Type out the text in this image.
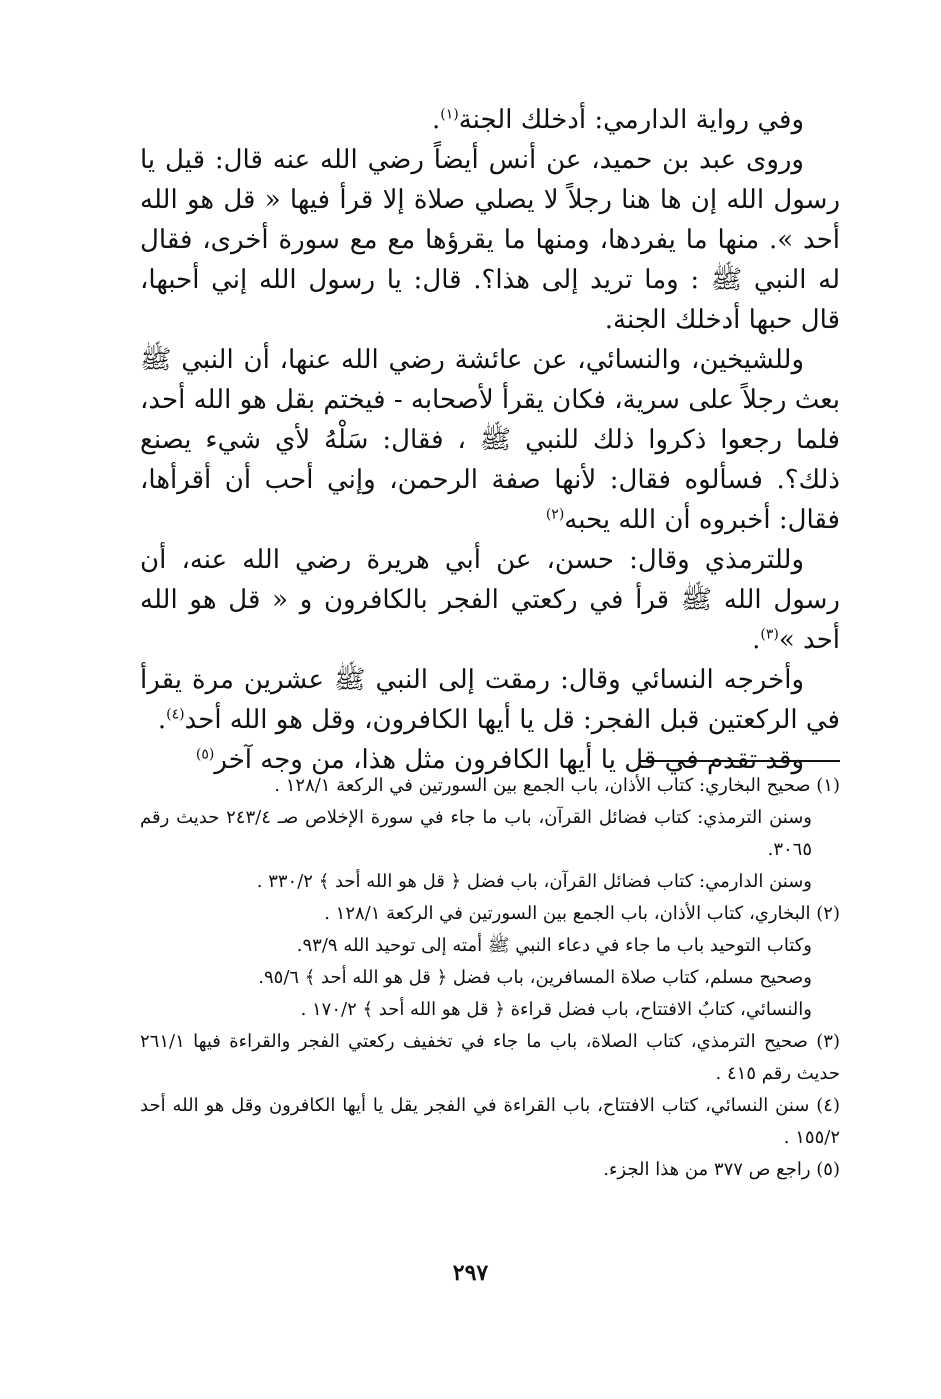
وفي رواية الدارمي: أدخلك الجنة$^{(١)}$.

وروى عبد بن حميد، عن أنس أيضاً رضي الله عنه قال: قيل يا رسول الله إن ها هنا رجلاً لا يصلي صلاة إلا قرأ فيها « قل هو الله أحد ». منها ما يفردها، ومنها ما يقرؤها مع مع سورة أخرى، فقال له النبي ﷺ : وما تريد إلى هذا؟. قال: يا رسول الله إني أحبها، قال حبها أدخلك الجنة.

وللشيخين، والنسائي، عن عائشة رضي الله عنها، أن النبي ﷺ بعث رجلاً على سرية، فكان يقرأ لأصحابه - فيختم بقل هو الله أحد، فلما رجعوا ذكروا ذلك للنبي ﷺ ، فقال: سَلْهُ لأي شيء يصنع ذلك؟. فسألوه فقال: لأنها صفة الرحمن، وإني أحب أن أقرأها، فقال: أخبروه أن الله يحبه$^{(٢)}$

وللترمذي وقال: حسن، عن أبي هريرة رضي الله عنه، أن رسول الله ﷺ قرأ في ركعتي الفجر بالكافرون و « قل هو الله أحد »$^{(٣)}$.

وأخرجه النسائي وقال: رمقت إلى النبي ﷺ عشرين مرة يقرأ في الركعتين قبل الفجر: قل يا أيها الكافرون، وقل هو الله أحد$^{(٤)}$.

وقد تقدم في قل يا أيها الكافرون مثل هذا، من وجه آخر$^{(٥)}$

(١) صحيح البخاري: كتاب الأذان، باب الجمع بين السورتين في الركعة ١٢٨/١ .

وسنن الترمذي: كتاب فضائل القرآن، باب ما جاء في سورة الإخلاص صـ ٢٤٣/٤ حديث رقم ٣٠٦٥.

وسنن الدارمي: كتاب فضائل القرآن، باب فضل ﴿ قل هو الله أحد ﴾ ٣٣٠/٢ .

(٢) البخاري، كتاب الأذان، باب الجمع بين السورتين في الركعة ١٢٨/١ .

وكتاب التوحيد باب ما جاء في دعاء النبي ﷺ أمته إلى توحيد الله ٩٣/٩.

وصحيح مسلم، كتاب صلاة المسافرين، باب فضل ﴿ قل هو الله أحد ﴾ ٩٥/٦.

والنسائي، كتابُ الافتتاح، باب فضل قراءة ﴿ قل هو الله أحد ﴾ ١٧٠/٢ .

(٣) صحيح الترمذي، كتاب الصلاة، باب ما جاء في تخفيف ركعتي الفجر والقراءة فيها ٢٦١/١ حديث رقم ٤١٥ .

(٤) سنن النسائي، كتاب الافتتاح، باب القراءة في الفجر يقل يا أيها الكافرون وقل هو الله أحد ١٥٥/٢ .

(٥) راجع ص ٣٧٧ من هذا الجزء.

٢٩٧
